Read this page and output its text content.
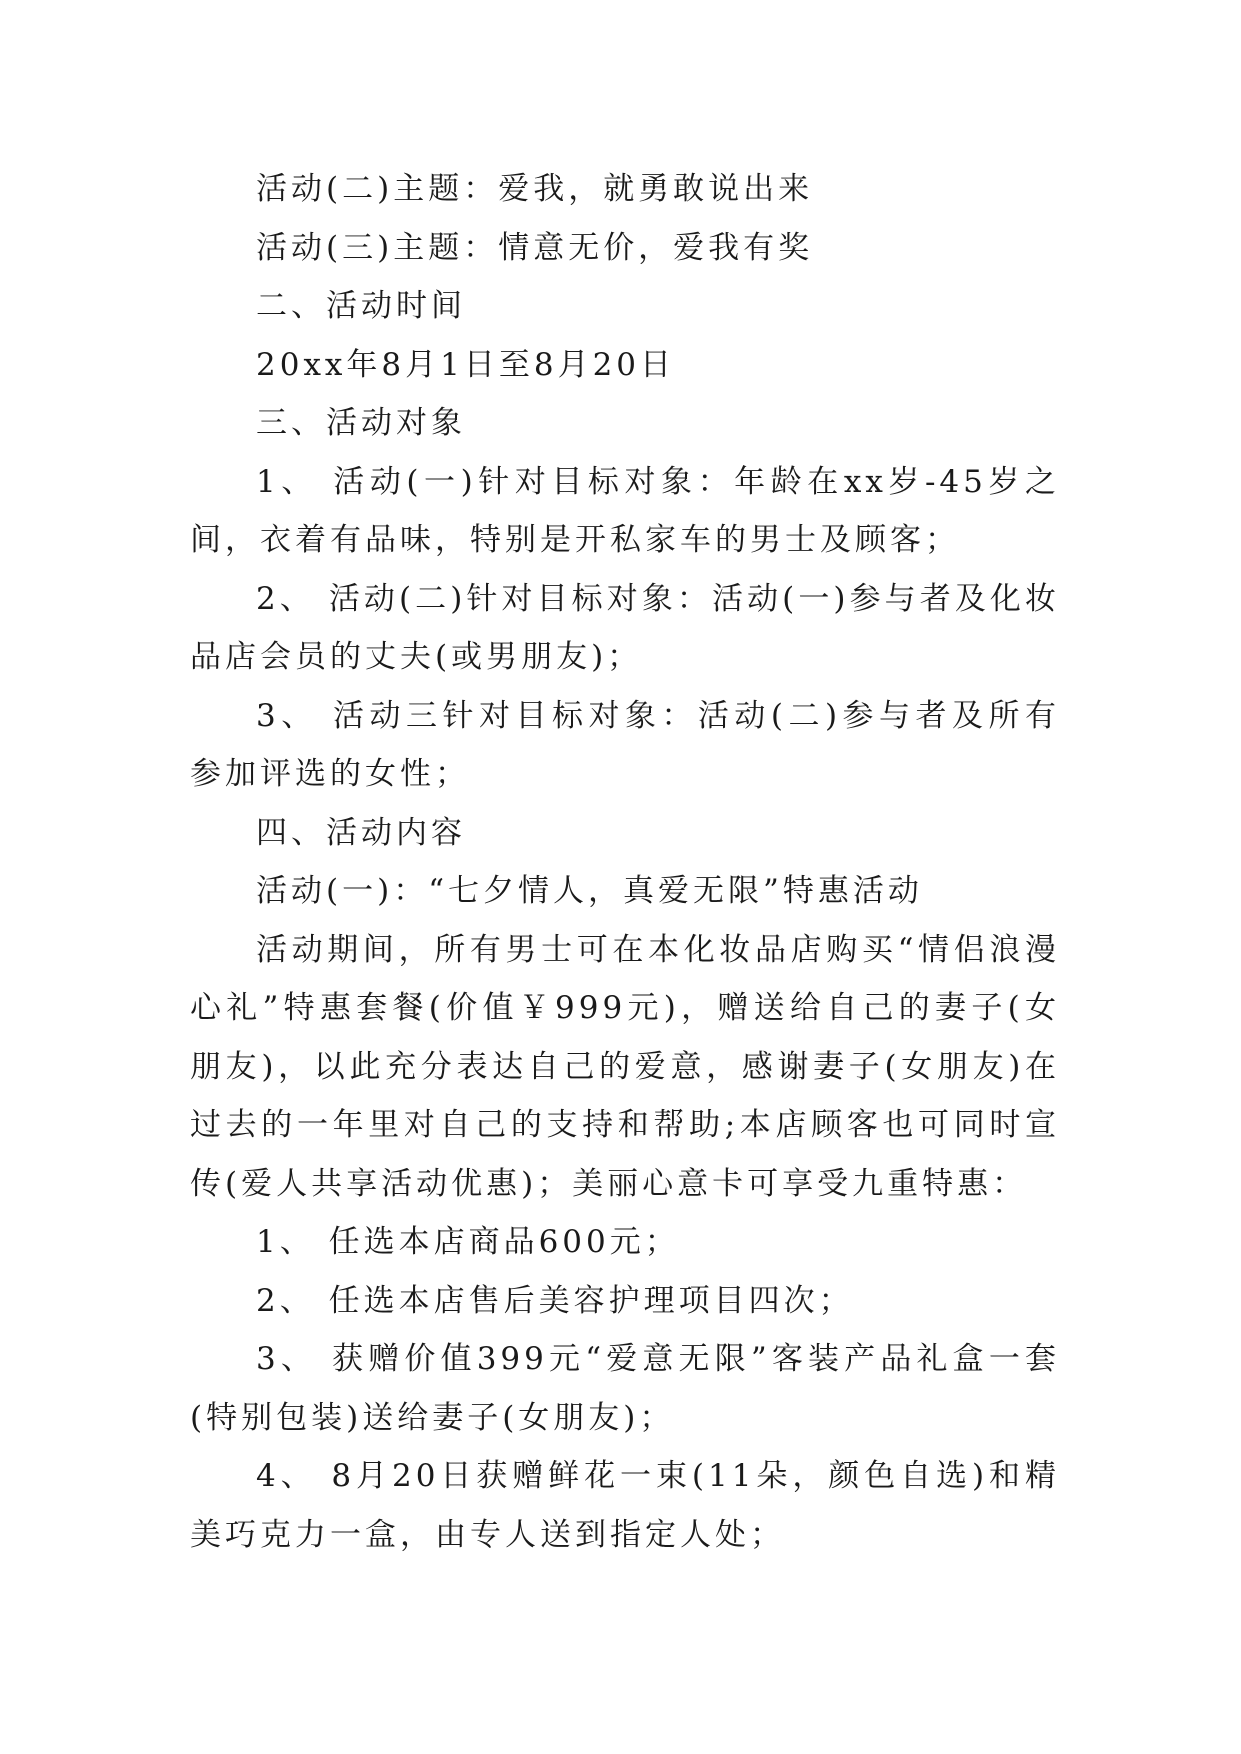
活动(二)主题：爱我，就勇敢说出来

活动(三)主题：情意无价，爱我有奖

二、活动时间

20xx年8月1日至8月20日

三、活动对象

1、 活动(一)针对目标对象：年龄在xx岁-45岁之间，衣着有品味，特别是开私家车的男士及顾客；

2、 活动(二)针对目标对象：活动(一)参与者及化妆品店会员的丈夫(或男朋友)；

3、 活动三针对目标对象：活动(二)参与者及所有参加评选的女性；

四、活动内容

活动(一)：“七夕情人，真爱无限”特惠活动

活动期间，所有男士可在本化妆品店购买“情侣浪漫心礼”特惠套餐(价值￥999元)，赠送给自己的妻子(女朋友)，以此充分表达自己的爱意，感谢妻子(女朋友)在过去的一年里对自己的支持和帮助;本店顾客也可同时宣传(爱人共享活动优惠)；美丽心意卡可享受九重特惠：

1、 任选本店商品600元；

2、 任选本店售后美容护理项目四次；

3、 获赠价值399元“爱意无限”客装产品礼盒一套(特别包装)送给妻子(女朋友)；

4、 8月20日获赠鲜花一束(11朵，颜色自选)和精美巧克力一盒，由专人送到指定人处；
